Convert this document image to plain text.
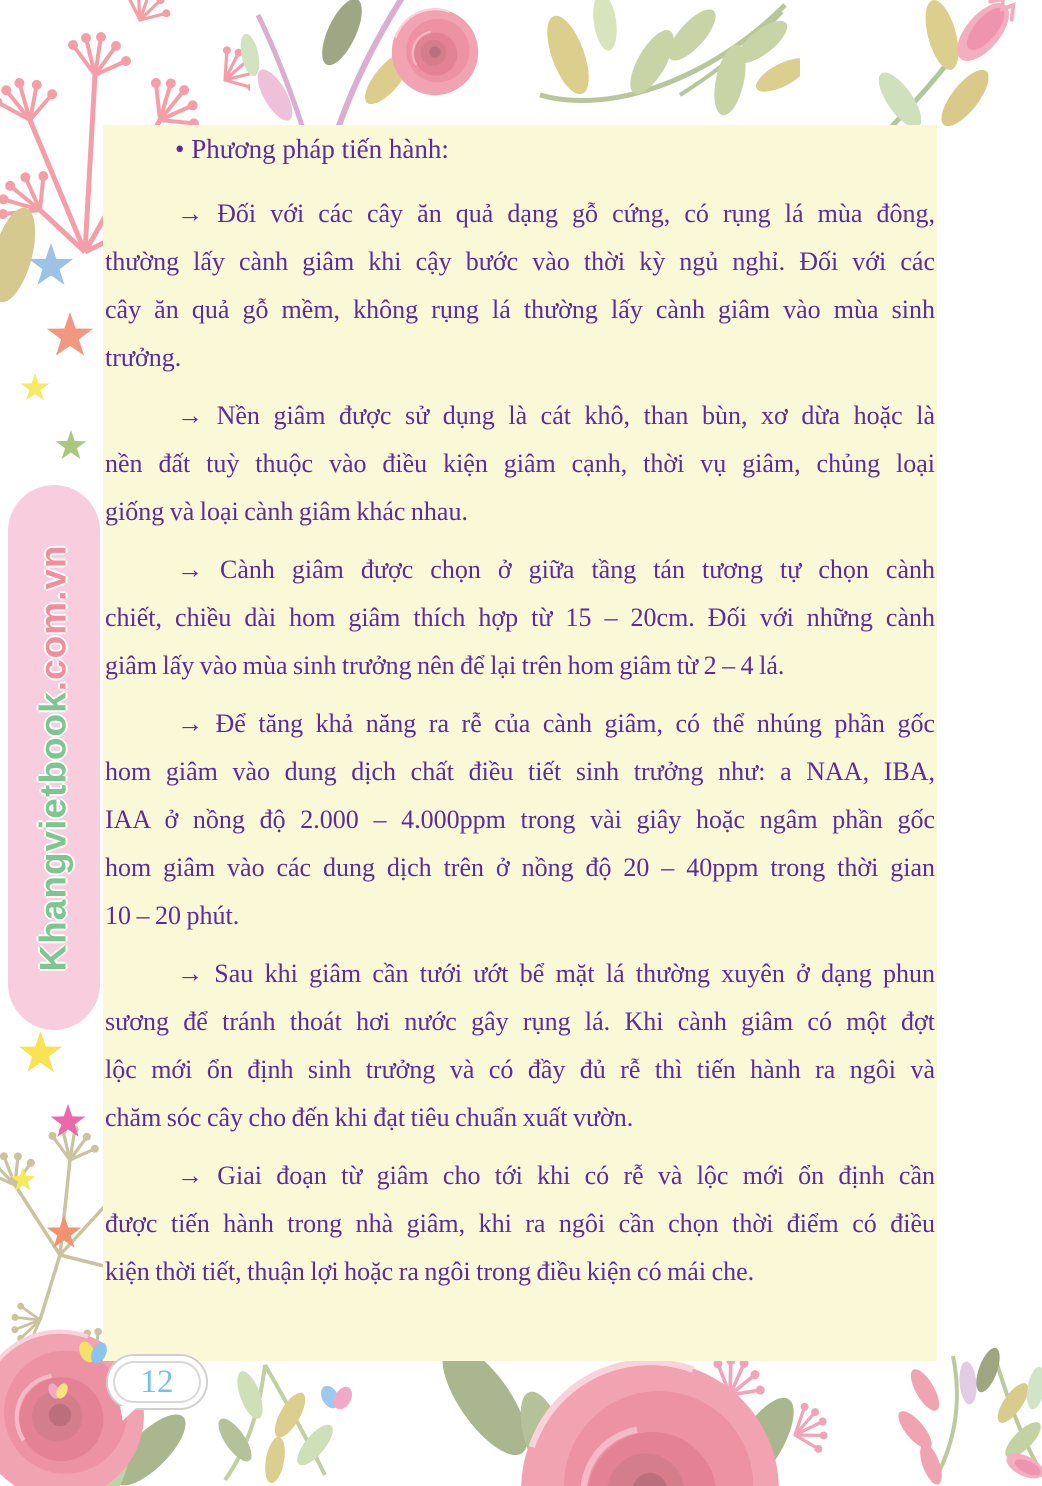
Khangvietbook.com.vn
• Phương pháp tiến hành:
→ Đối với các cây ăn quả dạng gỗ cứng, có rụng lá mùa đông,
thường lấy cành giâm khi cậy bước vào thời kỳ ngủ nghỉ. Đối với các
cây ăn quả gỗ mềm, không rụng lá thường lấy cành giâm vào mùa sinh
trưởng.
→ Nền giâm được sử dụng là cát khô, than bùn, xơ dừa hoặc là
nền đất tuỳ thuộc vào điều kiện giâm cạnh, thời vụ giâm, chủng loại
giống và loại cành giâm khác nhau.
→ Cành giâm được chọn ở giữa tầng tán tương tự chọn cành
chiết, chiều dài hom giâm thích hợp từ 15 – 20cm. Đối với những cành
giâm lấy vào mùa sinh trưởng nên để lại trên hom giâm từ 2 – 4 lá.
→ Để tăng khả năng ra rễ của cành giâm, có thể nhúng phần gốc
hom giâm vào dung dịch chất điều tiết sinh trưởng như: a NAA, IBA,
IAA ở nồng độ 2.000 – 4.000ppm trong vài giây hoặc ngâm phần gốc
hom giâm vào các dung dịch trên ở nồng độ 20 – 40ppm trong thời gian
10 – 20 phút.
→ Sau khi giâm cần tưới ướt bể mặt lá thường xuyên ở dạng phun
sương để tránh thoát hơi nước gây rụng lá. Khi cành giâm có một đợt
lộc mới ổn định sinh trưởng và có đầy đủ rễ thì tiến hành ra ngôi và
chăm sóc cây cho đến khi đạt tiêu chuẩn xuất vườn.
→ Giai đoạn từ giâm cho tới khi có rễ và lộc mới ổn định cần
được tiến hành trong nhà giâm, khi ra ngôi cần chọn thời điểm có điều
kiện thời tiết, thuận lợi hoặc ra ngôi trong điều kiện có mái che.
12
